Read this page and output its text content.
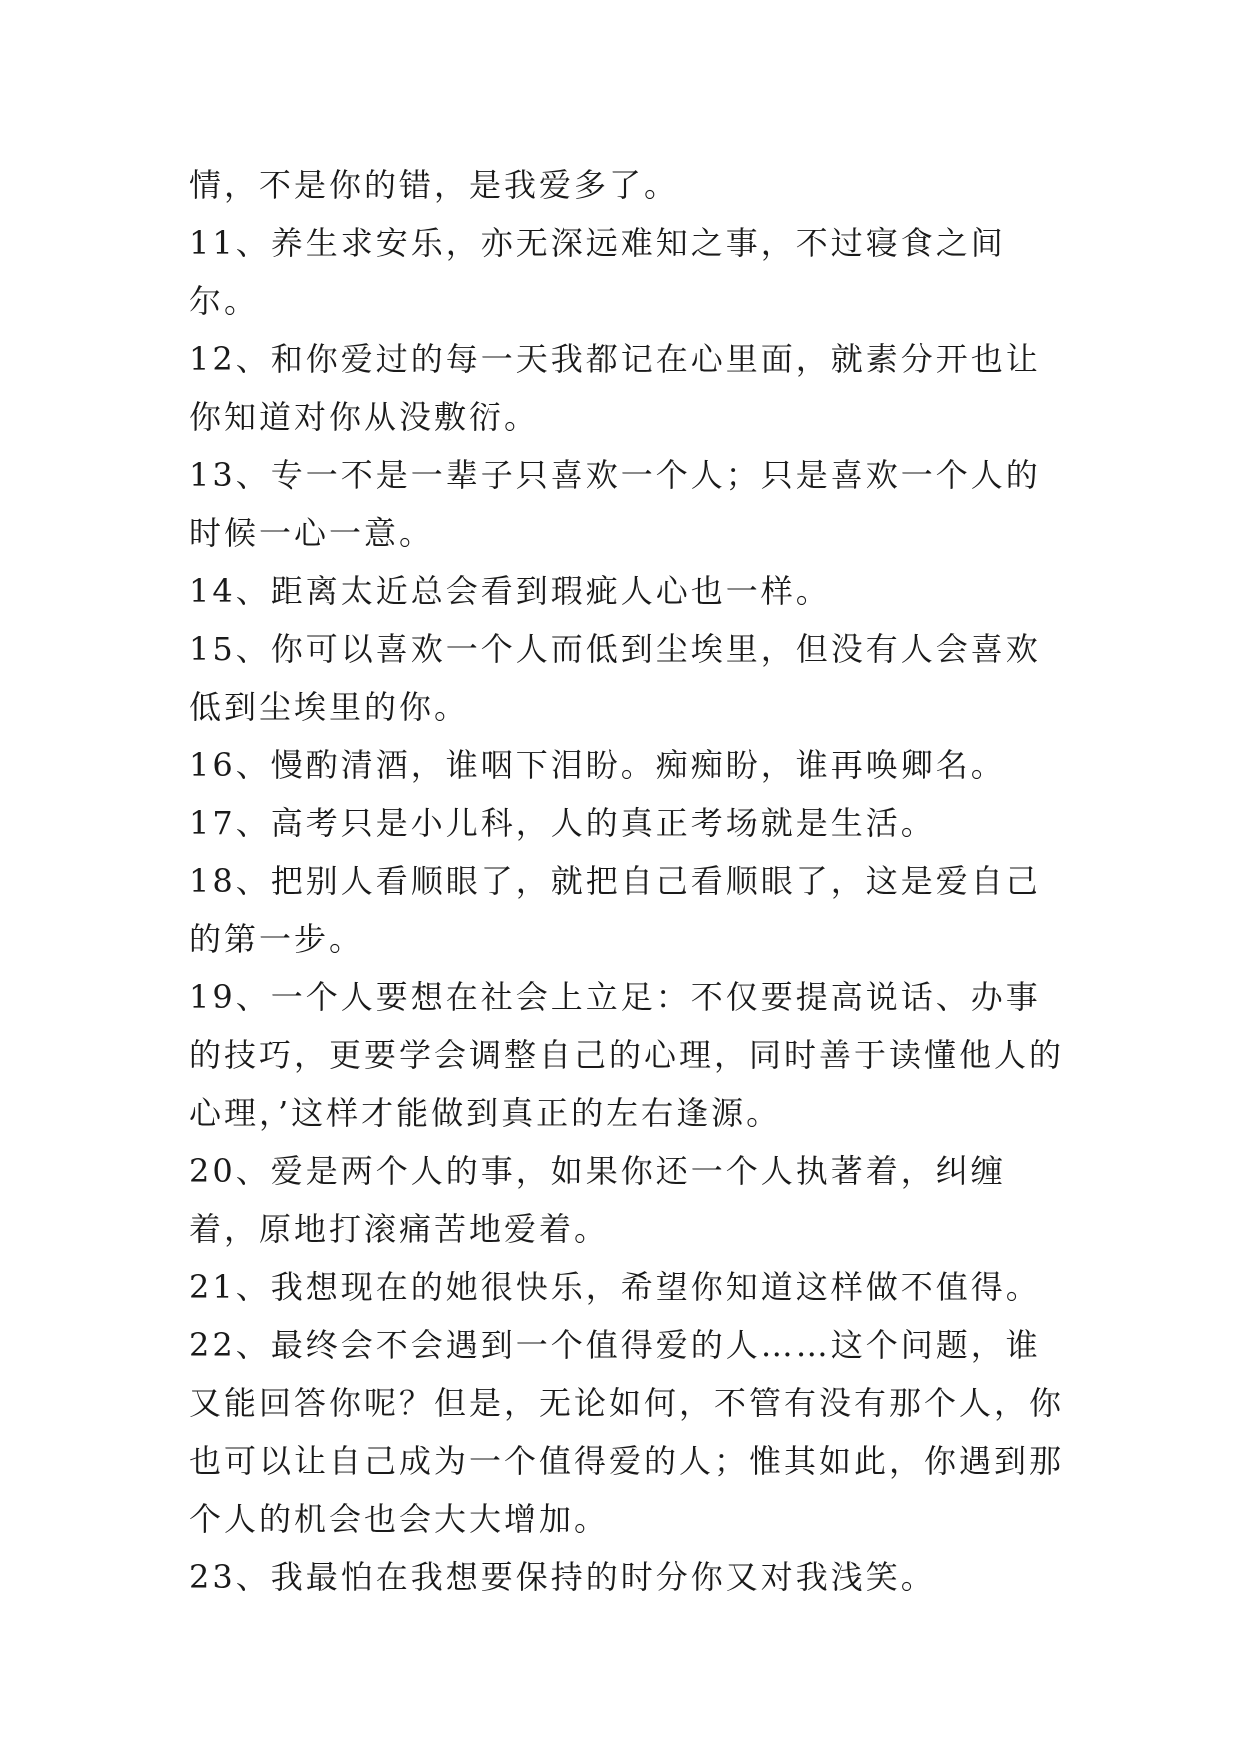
情，不是你的错，是我爱多了。

11、养生求安乐，亦无深远难知之事，不过寝食之间尔。

12、和你爱过的每一天我都记在心里面，就素分开也让你知道对你从没敷衍。

13、专一不是一辈子只喜欢一个人；只是喜欢一个人的时候一心一意。

14、距离太近总会看到瑕疵人心也一样。

15、你可以喜欢一个人而低到尘埃里，但没有人会喜欢低到尘埃里的你。

16、慢酌清酒，谁咽下泪盼。痴痴盼，谁再唤卿名。

17、高考只是小儿科，人的真正考场就是生活。

18、把别人看顺眼了，就把自己看顺眼了，这是爱自己的第一步。

19、一个人要想在社会上立足：不仅要提高说话、办事的技巧，更要学会调整自己的心理，同时善于读懂他人的心理，’这样才能做到真正的左右逢源。

20、爱是两个人的事，如果你还一个人执著着，纠缠着，原地打滚痛苦地爱着。

21、我想现在的她很快乐，希望你知道这样做不值得。

22、最终会不会遇到一个值得爱的人……这个问题，谁又能回答你呢？但是，无论如何，不管有没有那个人，你也可以让自己成为一个值得爱的人；惟其如此，你遇到那个人的机会也会大大增加。

23、我最怕在我想要保持的时分你又对我浅笑。
